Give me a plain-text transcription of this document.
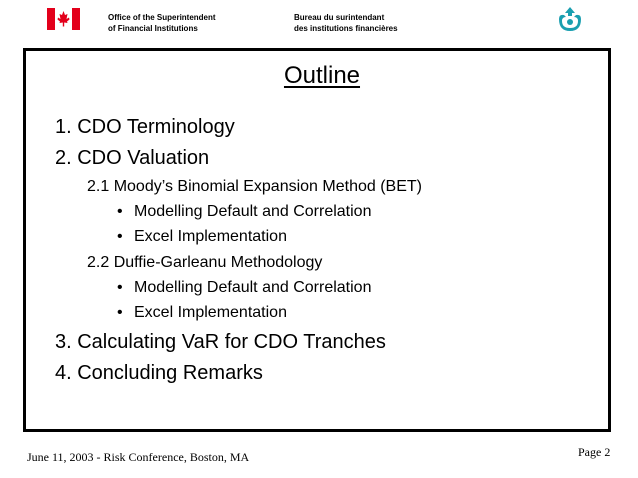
Office of the Superintendent
of Financial Institutions
Bureau du surintendant
des institutions financières
Outline
1. CDO Terminology
2. CDO Valuation
2.1 Moody’s Binomial Expansion Method (BET)
• Modelling Default and Correlation
• Excel Implementation
2.2 Duffie-Garleanu Methodology
• Modelling Default and Correlation
• Excel Implementation
3. Calculating VaR for CDO Tranches
4. Concluding Remarks
June 11, 2003 - Risk Conference, Boston, MA	Page 2
